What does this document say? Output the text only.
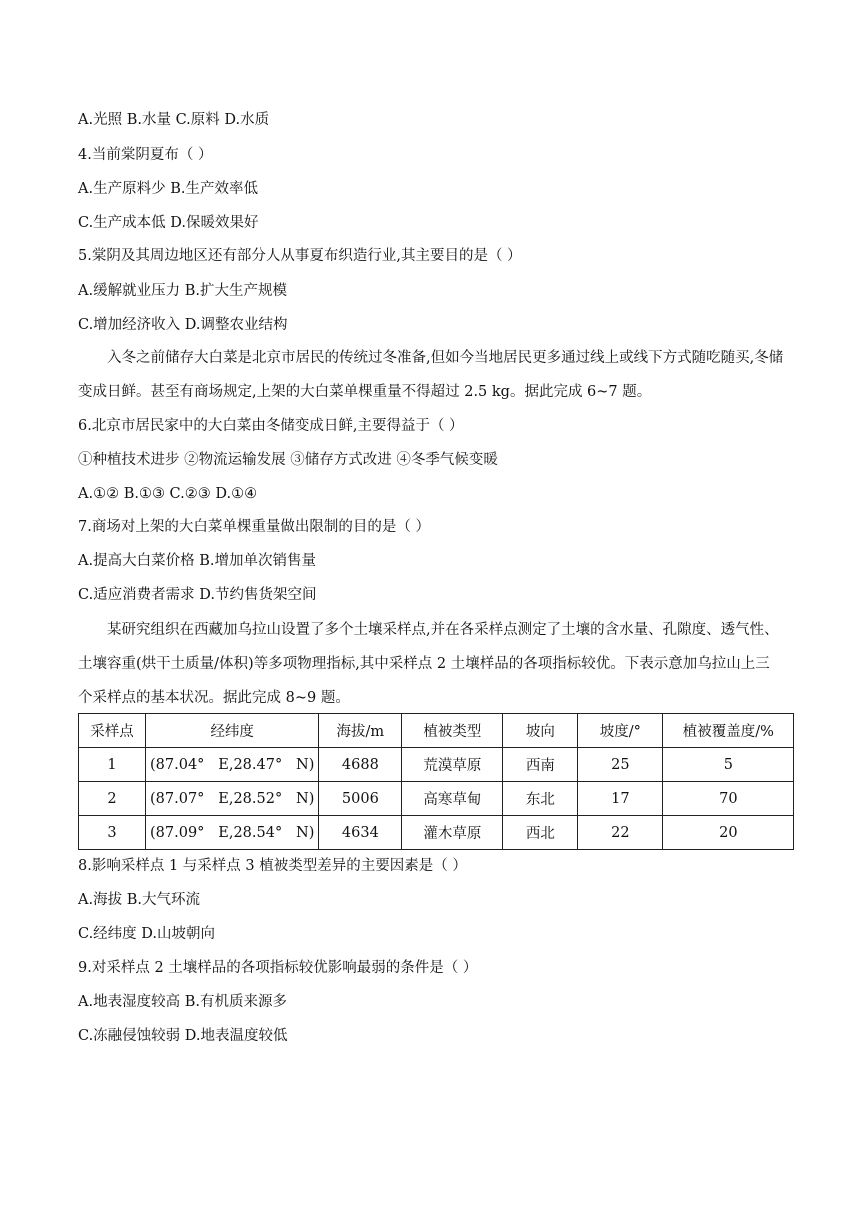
A.光照 B.水量 C.原料 D.水质
4.当前棠阴夏布（ ）
A.生产原料少 B.生产效率低
C.生产成本低 D.保暖效果好
5.棠阴及其周边地区还有部分人从事夏布织造行业,其主要目的是（ ）
A.缓解就业压力 B.扩大生产规模
C.增加经济收入 D.调整农业结构
入冬之前储存大白菜是北京市居民的传统过冬准备,但如今当地居民更多通过线上或线下方式随吃随买,冬储变成日鲜。甚至有商场规定,上架的大白菜单棵重量不得超过 2.5 kg。据此完成 6~7 题。
6.北京市居民家中的大白菜由冬储变成日鲜,主要得益于（ ）
①种植技术进步 ②物流运输发展 ③储存方式改进 ④冬季气候变暖
A.①② B.①③ C.②③ D.①④
7.商场对上架的大白菜单棵重量做出限制的目的是（ ）
A.提高大白菜价格 B.增加单次销售量
C.适应消费者需求 D.节约售货架空间
某研究组织在西藏加乌拉山设置了多个土壤采样点,并在各采样点测定了土壤的含水量、孔隙度、透气性、土壤容重(烘干土质量/体积)等多项物理指标,其中采样点 2 土壤样品的各项指标较优。下表示意加乌拉山上三个采样点的基本状况。据此完成 8~9 题。
采样点	经纬度	海拔/m	植被类型	坡向	坡度/°	植被覆盖度/%
1	(87.04°   E,28.47°   N)	4688	荒漠草原	西南	25	5
2	(87.07°   E,28.52°   N)	5006	高寒草甸	东北	17	70
3	(87.09°   E,28.54°   N)	4634	灌木草原	西北	22	20
8.影响采样点 1 与采样点 3 植被类型差异的主要因素是（ ）
A.海拔 B.大气环流
C.经纬度 D.山坡朝向
9.对采样点 2 土壤样品的各项指标较优影响最弱的条件是（ ）
A.地表湿度较高 B.有机质来源多
C.冻融侵蚀较弱 D.地表温度较低
